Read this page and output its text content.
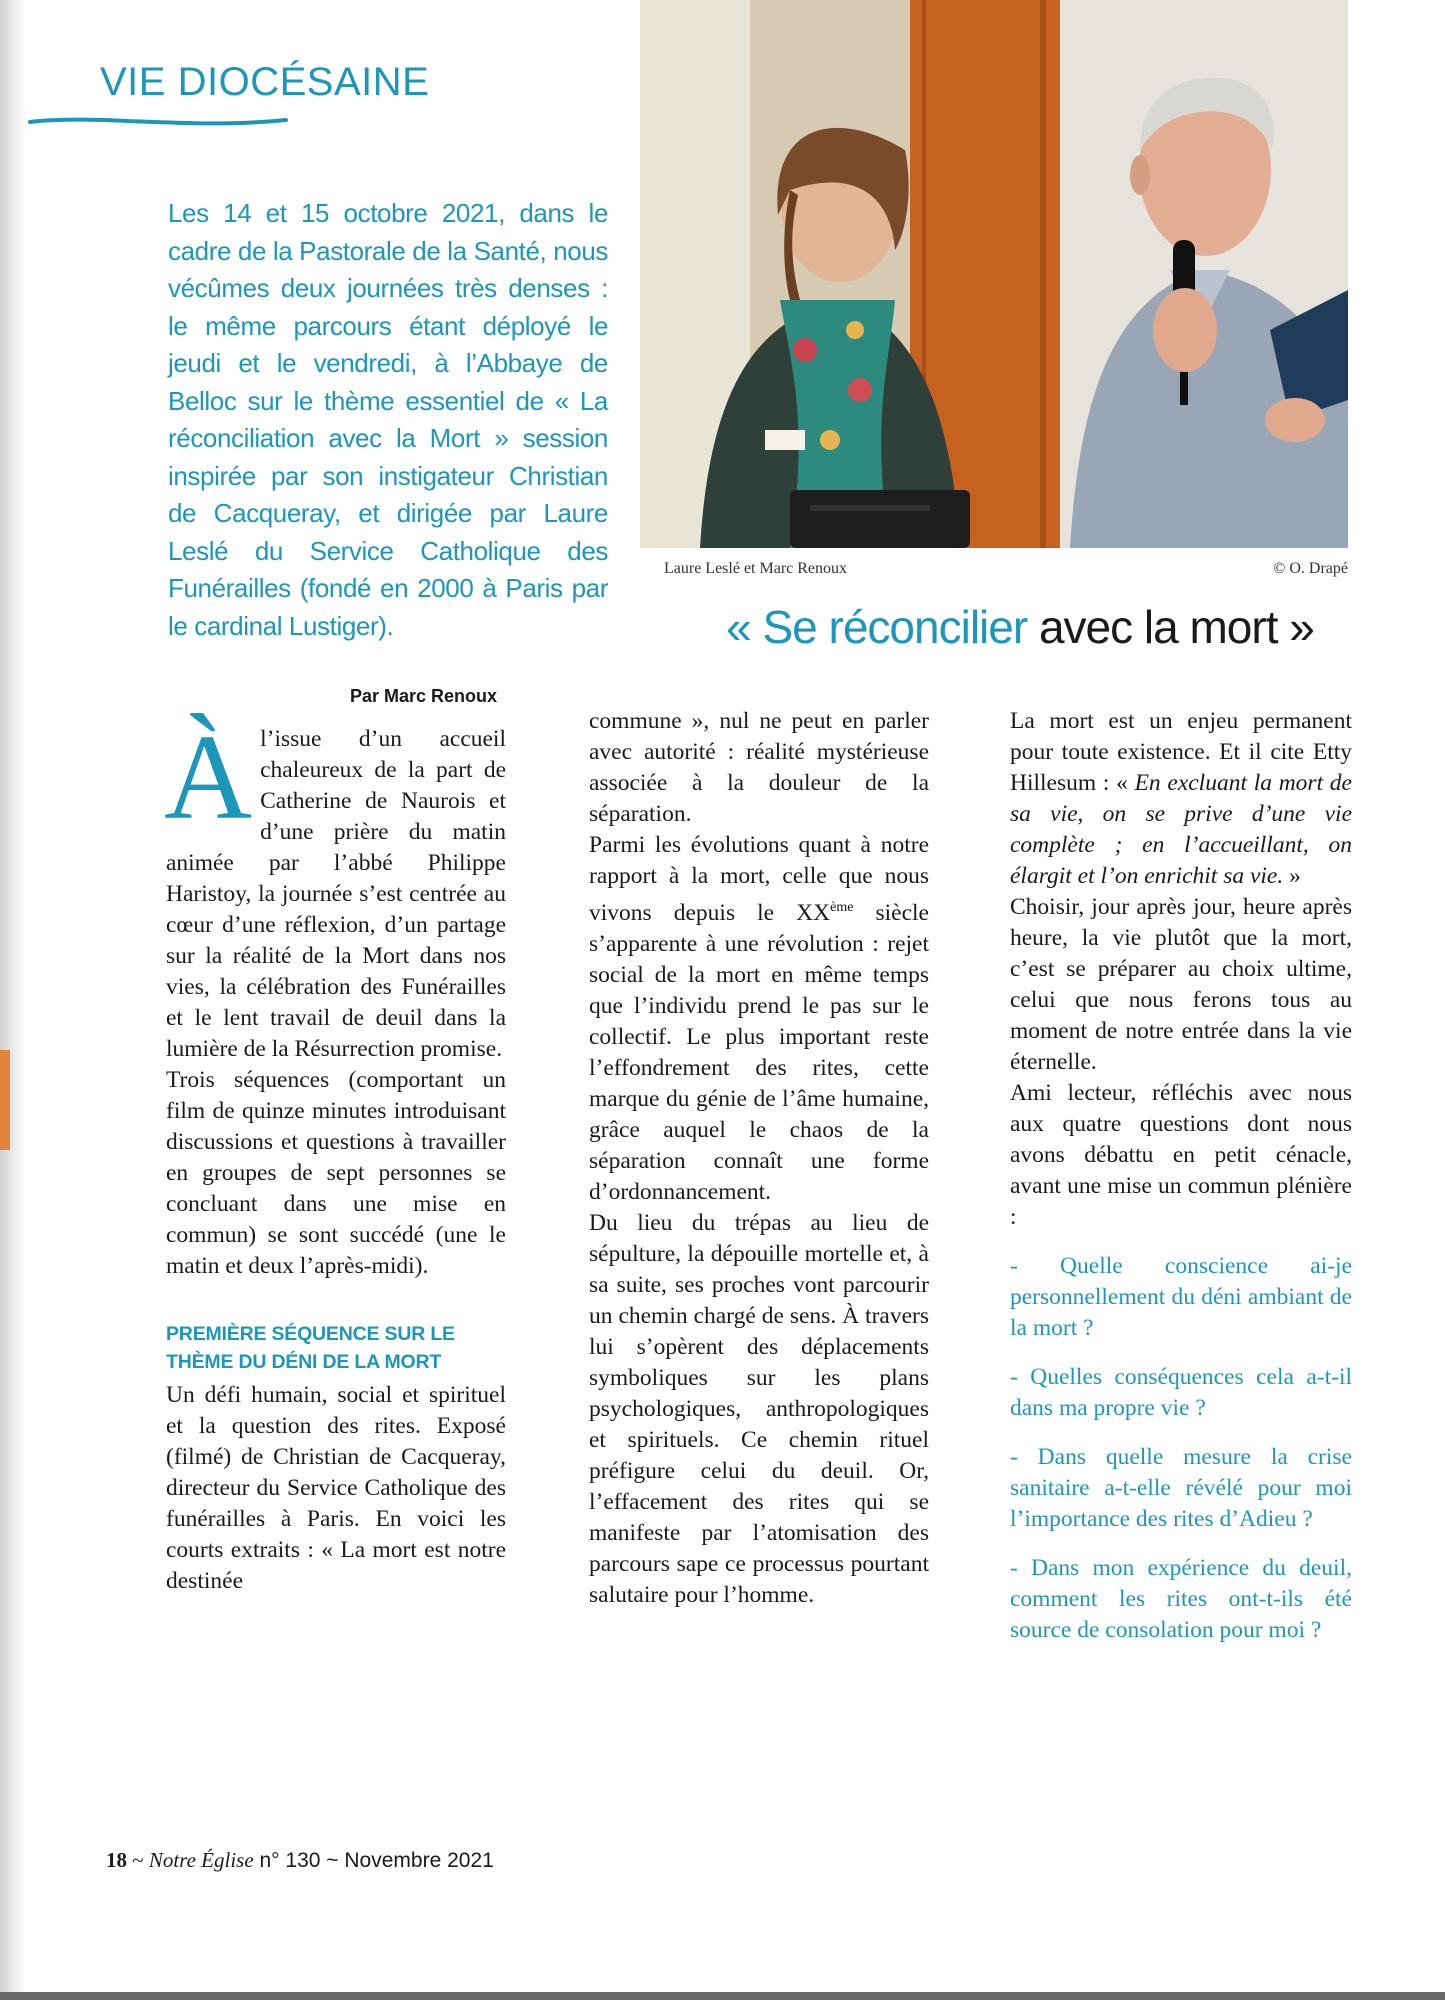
VIE DIOCÉSAINE

Les 14 et 15 octobre 2021, dans le cadre de la Pastorale de la Santé, nous vécûmes deux journées très denses : le même parcours étant déployé le jeudi et le vendredi, à l’Abbaye de Belloc sur le thème essentiel de « La réconciliation avec la Mort » session inspirée par son instigateur Christian de Cacqueray, et dirigée par Laure Leslé du Service Catholique des Funérailles (fondé en 2000 à Paris par le cardinal Lustiger).

Laure Leslé et Marc Renoux	© O. Drapé
« Se réconcilier avec la mort »
Par Marc Renoux

Àl’issue d’un accueil chaleureux de la part de Catherine de Naurois et d’une prière du matin animée par l’abbé Philippe Haristoy, la journée s’est centrée au cœur d’une réflexion, d’un partage sur la réalité de la Mort dans nos vies, la célébration des Funérailles et le lent travail de deuil dans la lumière de la Résurrection promise.

Trois séquences (comportant un film de quinze minutes introduisant discussions et questions à travailler en groupes de sept personnes se concluant dans une mise en commun) se sont succédé (une le matin et deux l’après-midi).

PREMIÈRE SÉQUENCE SUR LE THÈME DU DÉNI DE LA MORT

Un défi humain, social et spirituel et la question des rites. Exposé (filmé) de Christian de Cacqueray, directeur du Service Catholique des funérailles à Paris. En voici les courts extraits : « La mort est notre destinée

commune », nul ne peut en parler avec autorité : réalité mystérieuse associée à la douleur de la séparation.

Parmi les évolutions quant à notre rapport à la mort, celle que nous vivons depuis le XXème siècle s’apparente à une révolution : rejet social de la mort en même temps que l’individu prend le pas sur le collectif. Le plus important reste l’effondrement des rites, cette marque du génie de l’âme humaine, grâce auquel le chaos de la séparation connaît une forme d’ordonnancement.

Du lieu du trépas au lieu de sépulture, la dépouille mortelle et, à sa suite, ses proches vont parcourir un chemin chargé de sens. À travers lui s’opèrent des déplacements symboliques sur les plans psychologiques, anthropologiques et spirituels. Ce chemin rituel préfigure celui du deuil. Or, l’effacement des rites qui se manifeste par l’atomisation des parcours sape ce processus pourtant salutaire pour l’homme.

La mort est un enjeu permanent pour toute existence. Et il cite Etty Hillesum : « En excluant la mort de sa vie, on se prive d’une vie complète ; en l’accueillant, on élargit et l’on enrichit sa vie. »

Choisir, jour après jour, heure après heure, la vie plutôt que la mort, c’est se préparer au choix ultime, celui que nous ferons tous au moment de notre entrée dans la vie éternelle.

Ami lecteur, réfléchis avec nous aux quatre questions dont nous avons débattu en petit cénacle, avant une mise un commun plénière :

- Quelle conscience ai-je personnellement du déni ambiant de la mort ?

- Quelles conséquences cela a-t-il dans ma propre vie ?

- Dans quelle mesure la crise sanitaire a-t-elle révélé pour moi l’importance des rites d’Adieu ?

- Dans mon expérience du deuil, comment les rites ont-t-ils été source de consolation pour moi ?

18 ~ Notre Église n° 130 ~ Novembre 2021
